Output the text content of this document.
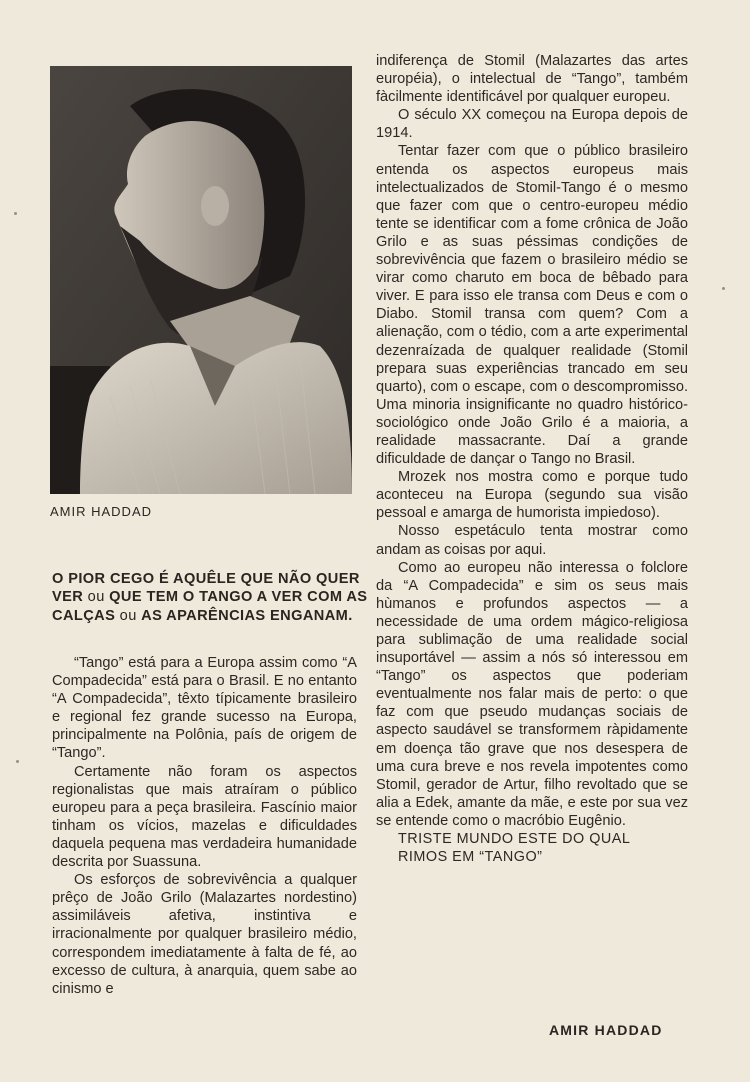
AMIR HADDAD
O PIOR CEGO É AQUÊLE QUE NÃO QUER VER ou QUE TEM O TANGO A VER COM AS CALÇAS ou AS APARÊNCIAS ENGANAM.

“Tango” está para a Europa assim como “A Compadecida” está para o Brasil. E no entanto “A Compadecida”, têxto típicamente brasileiro e regional fez grande sucesso na Europa, principalmente na Polônia, país de origem de “Tango”.

Certamente não foram os aspectos regionalistas que mais atraíram o público europeu para a peça brasileira. Fascínio maior tinham os vícios, mazelas e dificuldades daquela pequena mas verdadeira humanidade descrita por Suassuna.

Os esforços de sobrevivência a qualquer prêço de João Grilo (Malazartes nordestino) assimiláveis afetiva, instintiva e irracionalmente por qualquer brasileiro médio, correspondem imediatamente à falta de fé, ao excesso de cultura, à anarquia, quem sabe ao cinismo e

indiferença de Stomil (Malazartes das artes européia), o intelectual de “Tango”, também fàcilmente identificável por qualquer europeu.

O século XX começou na Europa depois de 1914.

Tentar fazer com que o público brasileiro entenda os aspectos europeus mais intelectualizados de Stomil-Tango é o mesmo que fazer com que o centro-europeu médio tente se identificar com a fome crônica de João Grilo e as suas péssimas condições de sobrevivência que fazem o brasileiro médio se virar como charuto em boca de bêbado para viver. E para isso ele transa com Deus e com o Diabo. Stomil transa com quem? Com a alienação, com o tédio, com a arte experimental dezenraízada de qualquer realidade (Stomil prepara suas experiências trancado em seu quarto), com o escape, com o descompromisso. Uma minoria insignificante no quadro histórico-sociológico onde João Grilo é a maioria, a realidade massacrante. Daí a grande dificuldade de dançar o Tango no Brasil.

Mrozek nos mostra como e porque tudo aconteceu na Europa (segundo sua visão pessoal e amarga de humorista impiedoso).

Nosso espetáculo tenta mostrar como andam as coisas por aqui.

Como ao europeu não interessa o folclore da “A Compadecida” e sim os seus mais hùmanos e profundos aspectos — a necessidade de uma ordem mágico-religiosa para sublimação de uma realidade social insuportável — assim a nós só interessou em “Tango” os aspectos que poderiam eventualmente nos falar mais de perto: o que faz com que pseudo mudanças sociais de aspecto saudável se transformem ràpidamente em doença tão grave que nos desespera de uma cura breve e nos revela impotentes como Stomil, gerador de Artur, filho revoltado que se alia a Edek, amante da mãe, e este por sua vez se entende como o macróbio Eugênio.

TRISTE MUNDO ESTE DO QUAL

RIMOS EM “TANGO”

AMIR HADDAD
